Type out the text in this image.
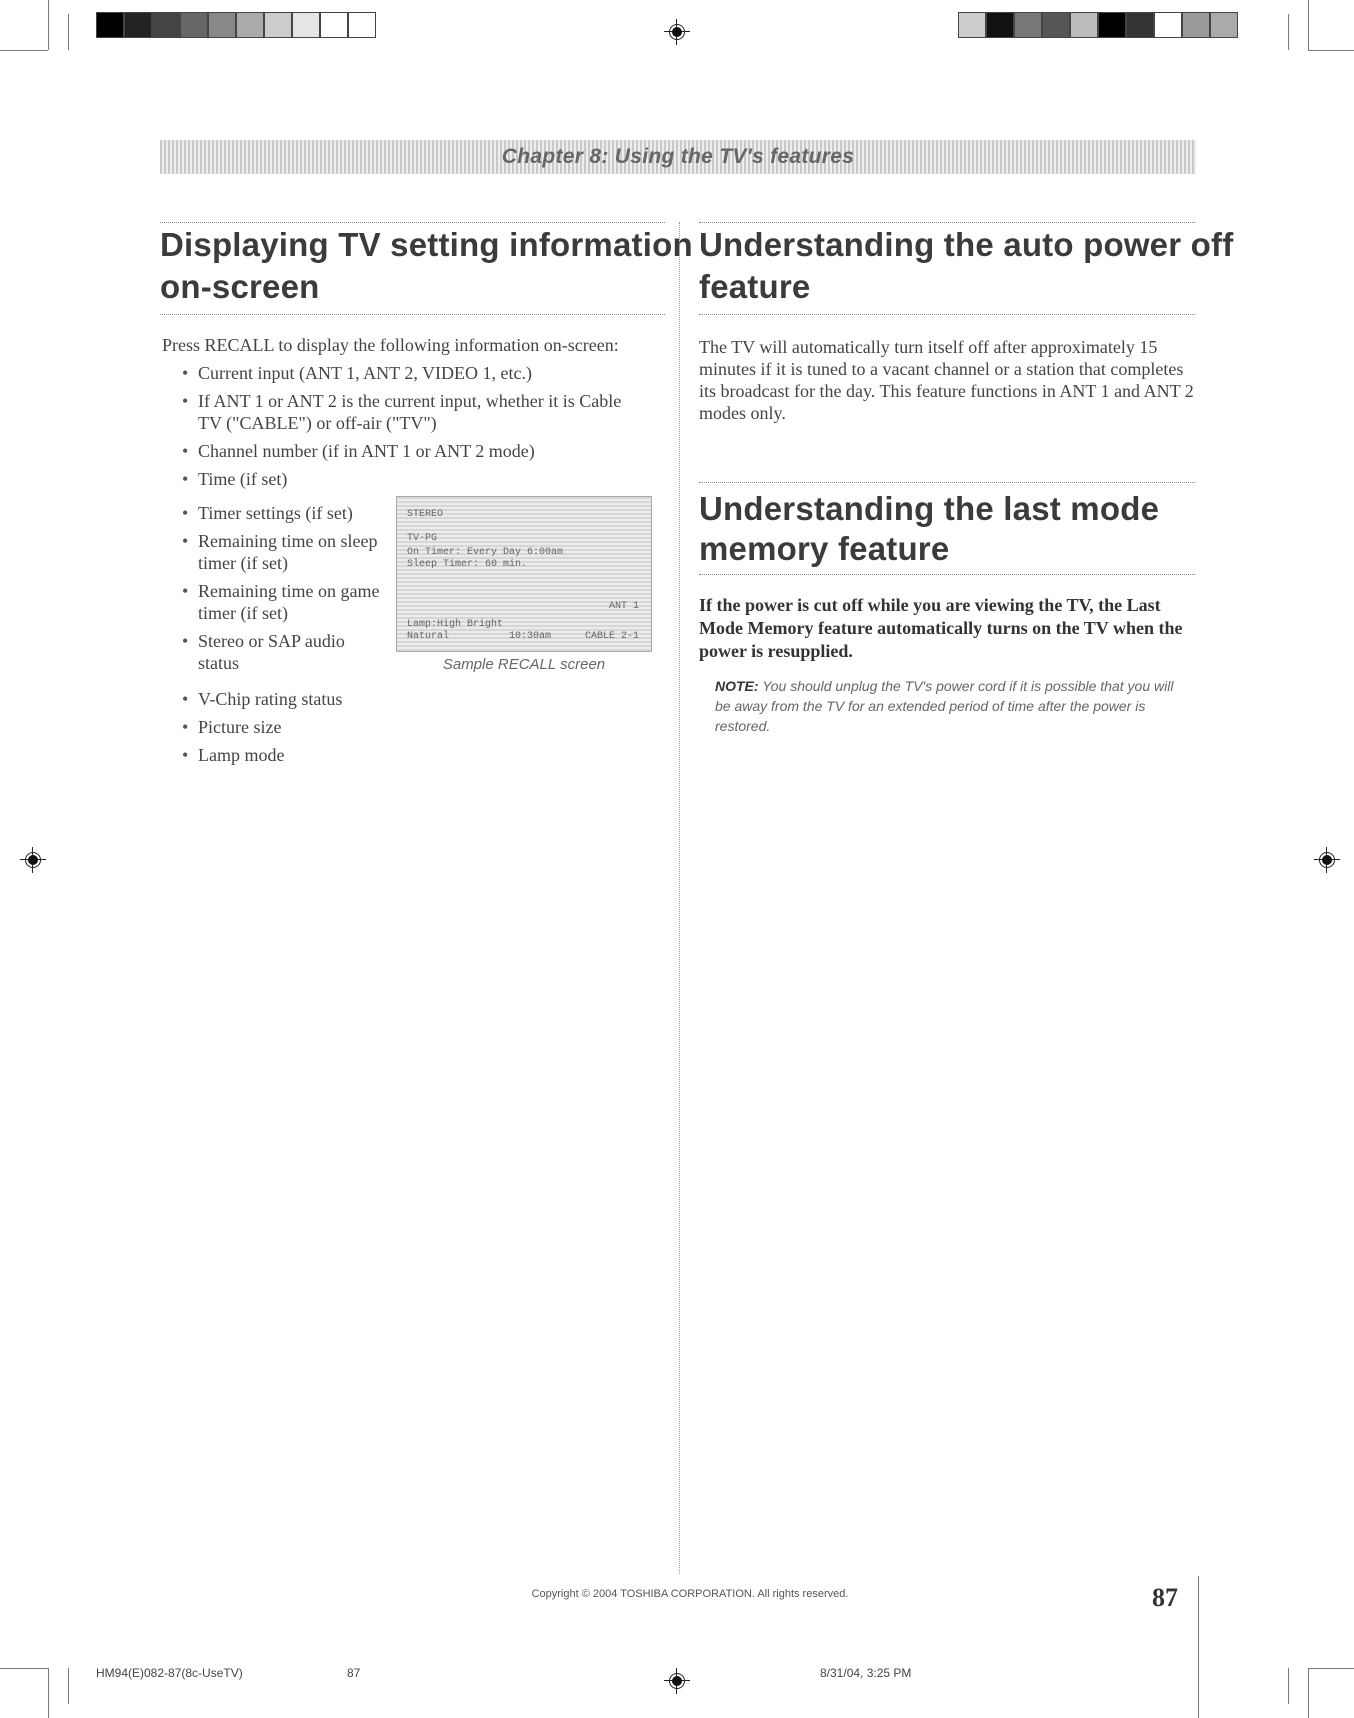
Chapter 8: Using the TV's features
Displaying TV setting information
on-screen
Press RECALL to display the following information on-screen:
• Current input (ANT 1, ANT 2, VIDEO 1, etc.)
• If ANT 1 or ANT 2 is the current input, whether it is Cable TV ("CABLE") or off-air ("TV")
• Channel number (if in ANT 1 or ANT 2 mode)
• Time (if set)
• Timer settings (if set)
• Remaining time on sleep timer (if set)
• Remaining time on game timer (if set)
• Stereo or SAP audio status
• V-Chip rating status
• Picture size
• Lamp mode
STEREO
TV-PG
On Timer: Every Day 6:00am
Sleep Timer: 60 min.
ANT 1
Lamp:High Bright
Natural	10:30am	CABLE 2-1
Sample RECALL screen
Understanding the auto power off
feature
The TV will automatically turn itself off after approximately 15 minutes if it is tuned to a vacant channel or a station that completes its broadcast for the day. This feature functions in ANT 1 and ANT 2 modes only.
Understanding the last mode
memory feature
If the power is cut off while you are viewing the TV, the Last Mode Memory feature automatically turns on the TV when the power is resupplied.
NOTE: You should unplug the TV's power cord if it is possible that you will be away from the TV for an extended period of time after the power is restored.
Copyright © 2004 TOSHIBA CORPORATION. All rights reserved.	87
HM94(E)082-87(8c-UseTV)	87	8/31/04, 3:25 PM
